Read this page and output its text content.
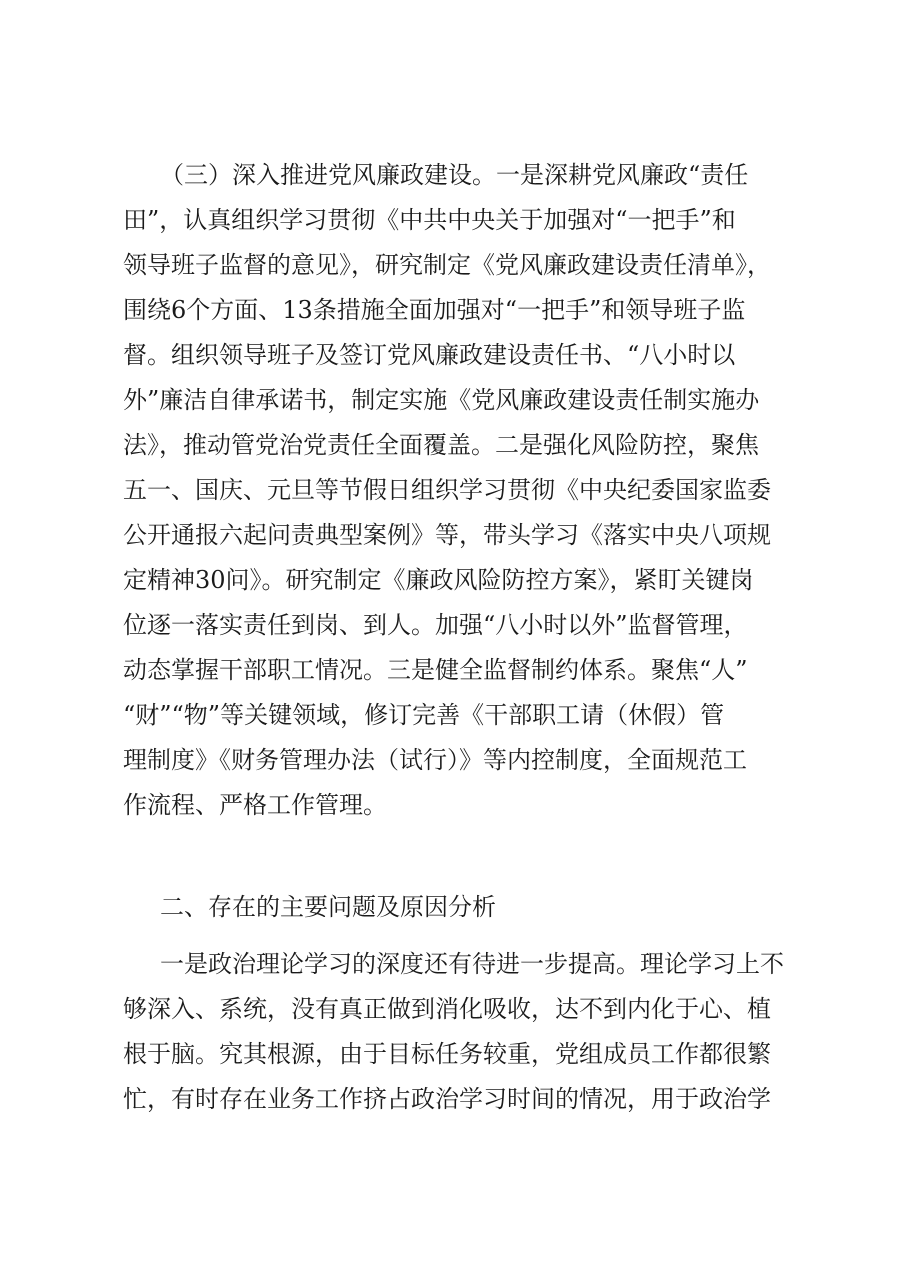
（三）深入推进党风廉政建设。一是深耕党风廉政“责任
田”，认真组织学习贯彻《中共中央关于加强对“一把手”和
领导班子监督的意见》，研究制定《党风廉政建设责任清单》，
围绕6个方面、13条措施全面加强对“一把手”和领导班子监
督。组织领导班子及签订党风廉政建设责任书、“八小时以
外”廉洁自律承诺书，制定实施《党风廉政建设责任制实施办
法》，推动管党治党责任全面覆盖。二是强化风险防控，聚焦
五一、国庆、元旦等节假日组织学习贯彻《中央纪委国家监委
公开通报六起问责典型案例》等，带头学习《落实中央八项规
定精神30问》。研究制定《廉政风险防控方案》，紧盯关键岗
位逐一落实责任到岗、到人。加强“八小时以外”监督管理，
动态掌握干部职工情况。三是健全监督制约体系。聚焦“人”
“财”“物”等关键领域，修订完善《干部职工请（休假）管
理制度》《财务管理办法（试行）》等内控制度，全面规范工
作流程、严格工作管理。
二、存在的主要问题及原因分析
一是政治理论学习的深度还有待进一步提高。理论学习上不
够深入、系统，没有真正做到消化吸收，达不到内化于心、植
根于脑。究其根源，由于目标任务较重，党组成员工作都很繁
忙，有时存在业务工作挤占政治学习时间的情况，用于政治学
